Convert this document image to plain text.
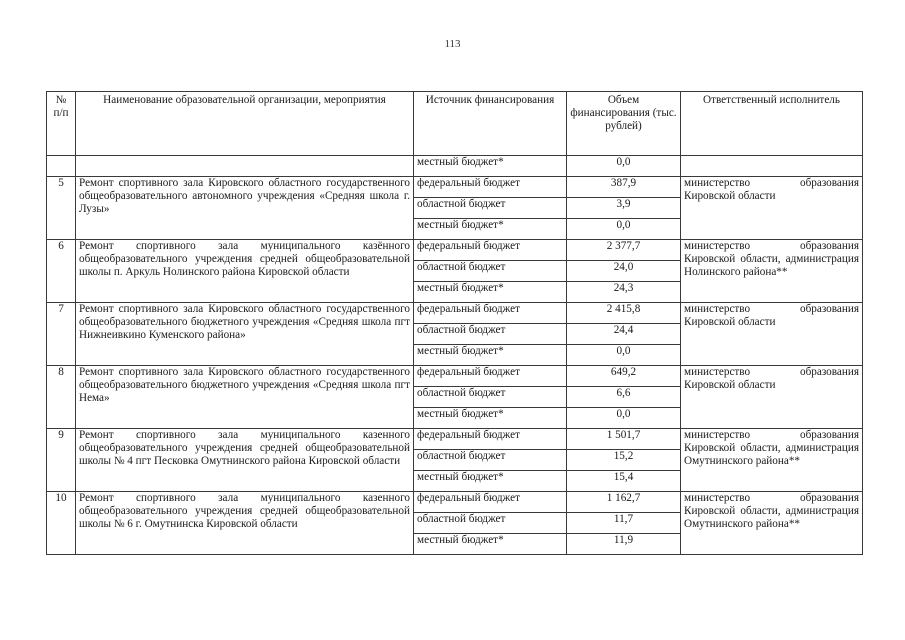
113
№ п/п	Наименование образовательной организации, мероприятия	Источник финансирования	Объем финансирования (тыс. рублей)	Ответственный исполнитель
		местный бюджет*	0,0	
5	Ремонт спортивного зала Кировского областного государственного общеобразовательного автономного учреждения «Средняя школа г. Лузы»	федеральный бюджет	387,9	министерство образования Кировской области
		областной бюджет	3,9	
		местный бюджет*	0,0	
6	Ремонт спортивного зала муниципального казённого общеобразовательного учреждения средней общеобразовательной школы п. Аркуль Нолинского района Кировской области	федеральный бюджет	2 377,7	министерство образования Кировской области, администрация Нолинского района**
		областной бюджет	24,0	
		местный бюджет*	24,3	
7	Ремонт спортивного зала Кировского областного государственного общеобразовательного бюджетного учреждения «Средняя школа пгт Нижнеивкино Куменского района»	федеральный бюджет	2 415,8	министерство образования Кировской области
		областной бюджет	24,4	
		местный бюджет*	0,0	
8	Ремонт спортивного зала Кировского областного государственного общеобразовательного бюджетного учреждения «Средняя школа пгт Нема»	федеральный бюджет	649,2	министерство образования Кировской области
		областной бюджет	6,6	
		местный бюджет*	0,0	
9	Ремонт спортивного зала муниципального казенного общеобразовательного учреждения средней общеобразовательной школы № 4 пгт Песковка Омутнинского района Кировской области	федеральный бюджет	1 501,7	министерство образования Кировской области, администрация Омутнинского района**
		областной бюджет	15,2	
		местный бюджет*	15,4	
10	Ремонт спортивного зала муниципального казенного общеобразовательного учреждения средней общеобразовательной школы № 6 г. Омутнинска Кировской области	федеральный бюджет	1 162,7	министерство образования Кировской области, администрация Омутнинского района**
		областной бюджет	11,7	
		местный бюджет*	11,9	
